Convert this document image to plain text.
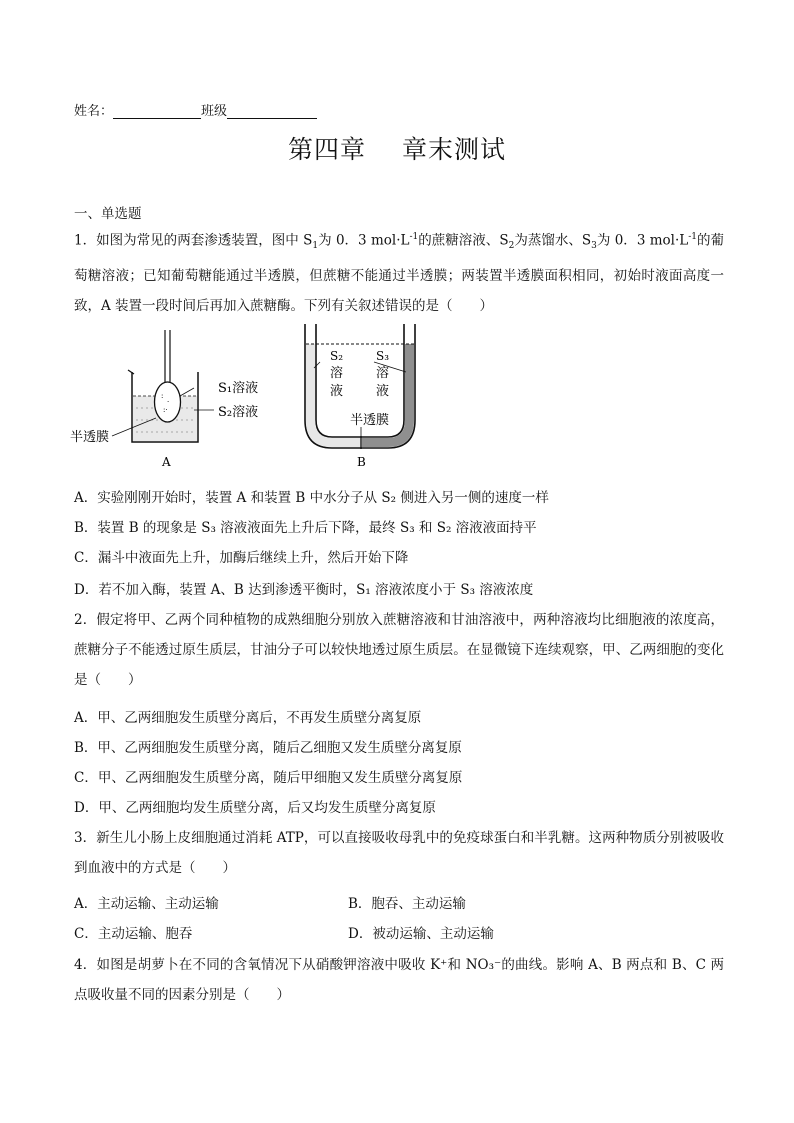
姓名：	班级
第四章 章末测试
一、单选题
1．如图为常见的两套渗透装置，图中 $S_1$为 0．3 $mol\cdot L^{-1}$的蔗糖溶液、$S_2$为蒸馏水、$S_3$为 0．3 $mol\cdot L^{-1}$的葡萄糖溶液；已知葡萄糖能通过半透膜，但蔗糖不能通过半透膜；两装置半透膜面积相同，初始时液面高度一致，A 装置一段时间后再加入蔗糖酶。下列有关叙述错误的是（　　）
:
·
:·
S₁溶液
S₂溶液
半透膜
A
S₂
溶
液
S₃
溶
液
半透膜
B
A．实验刚刚开始时，装置 A 和装置 B 中水分子从 S₂ 侧进入另一侧的速度一样
B．装置 B 的现象是 S₃ 溶液液面先上升后下降，最终 S₃ 和 S₂ 溶液液面持平
C．漏斗中液面先上升，加酶后继续上升，然后开始下降
D．若不加入酶，装置 A、B 达到渗透平衡时，S₁ 溶液浓度小于 S₃ 溶液浓度
2．假定将甲、乙两个同种植物的成熟细胞分别放入蔗糖溶液和甘油溶液中，两种溶液均比细胞液的浓度高，蔗糖分子不能透过原生质层，甘油分子可以较快地透过原生质层。在显微镜下连续观察，甲、乙两细胞的变化是（　　）
A．甲、乙两细胞发生质壁分离后，不再发生质壁分离复原
B．甲、乙两细胞发生质壁分离，随后乙细胞又发生质壁分离复原
C．甲、乙两细胞发生质壁分离，随后甲细胞又发生质壁分离复原
D．甲、乙两细胞均发生质壁分离，后又均发生质壁分离复原
3．新生儿小肠上皮细胞通过消耗 ATP，可以直接吸收母乳中的免疫球蛋白和半乳糖。这两种物质分别被吸收到血液中的方式是（　　）
A．主动运输、主动运输	B．胞吞、主动运输
C．主动运输、胞吞	D．被动运输、主动运输
4．如图是胡萝卜在不同的含氧情况下从硝酸钾溶液中吸收 K⁺和 NO₃⁻的曲线。影响 A、B 两点和 B、C 两点吸收量不同的因素分别是（　　）
